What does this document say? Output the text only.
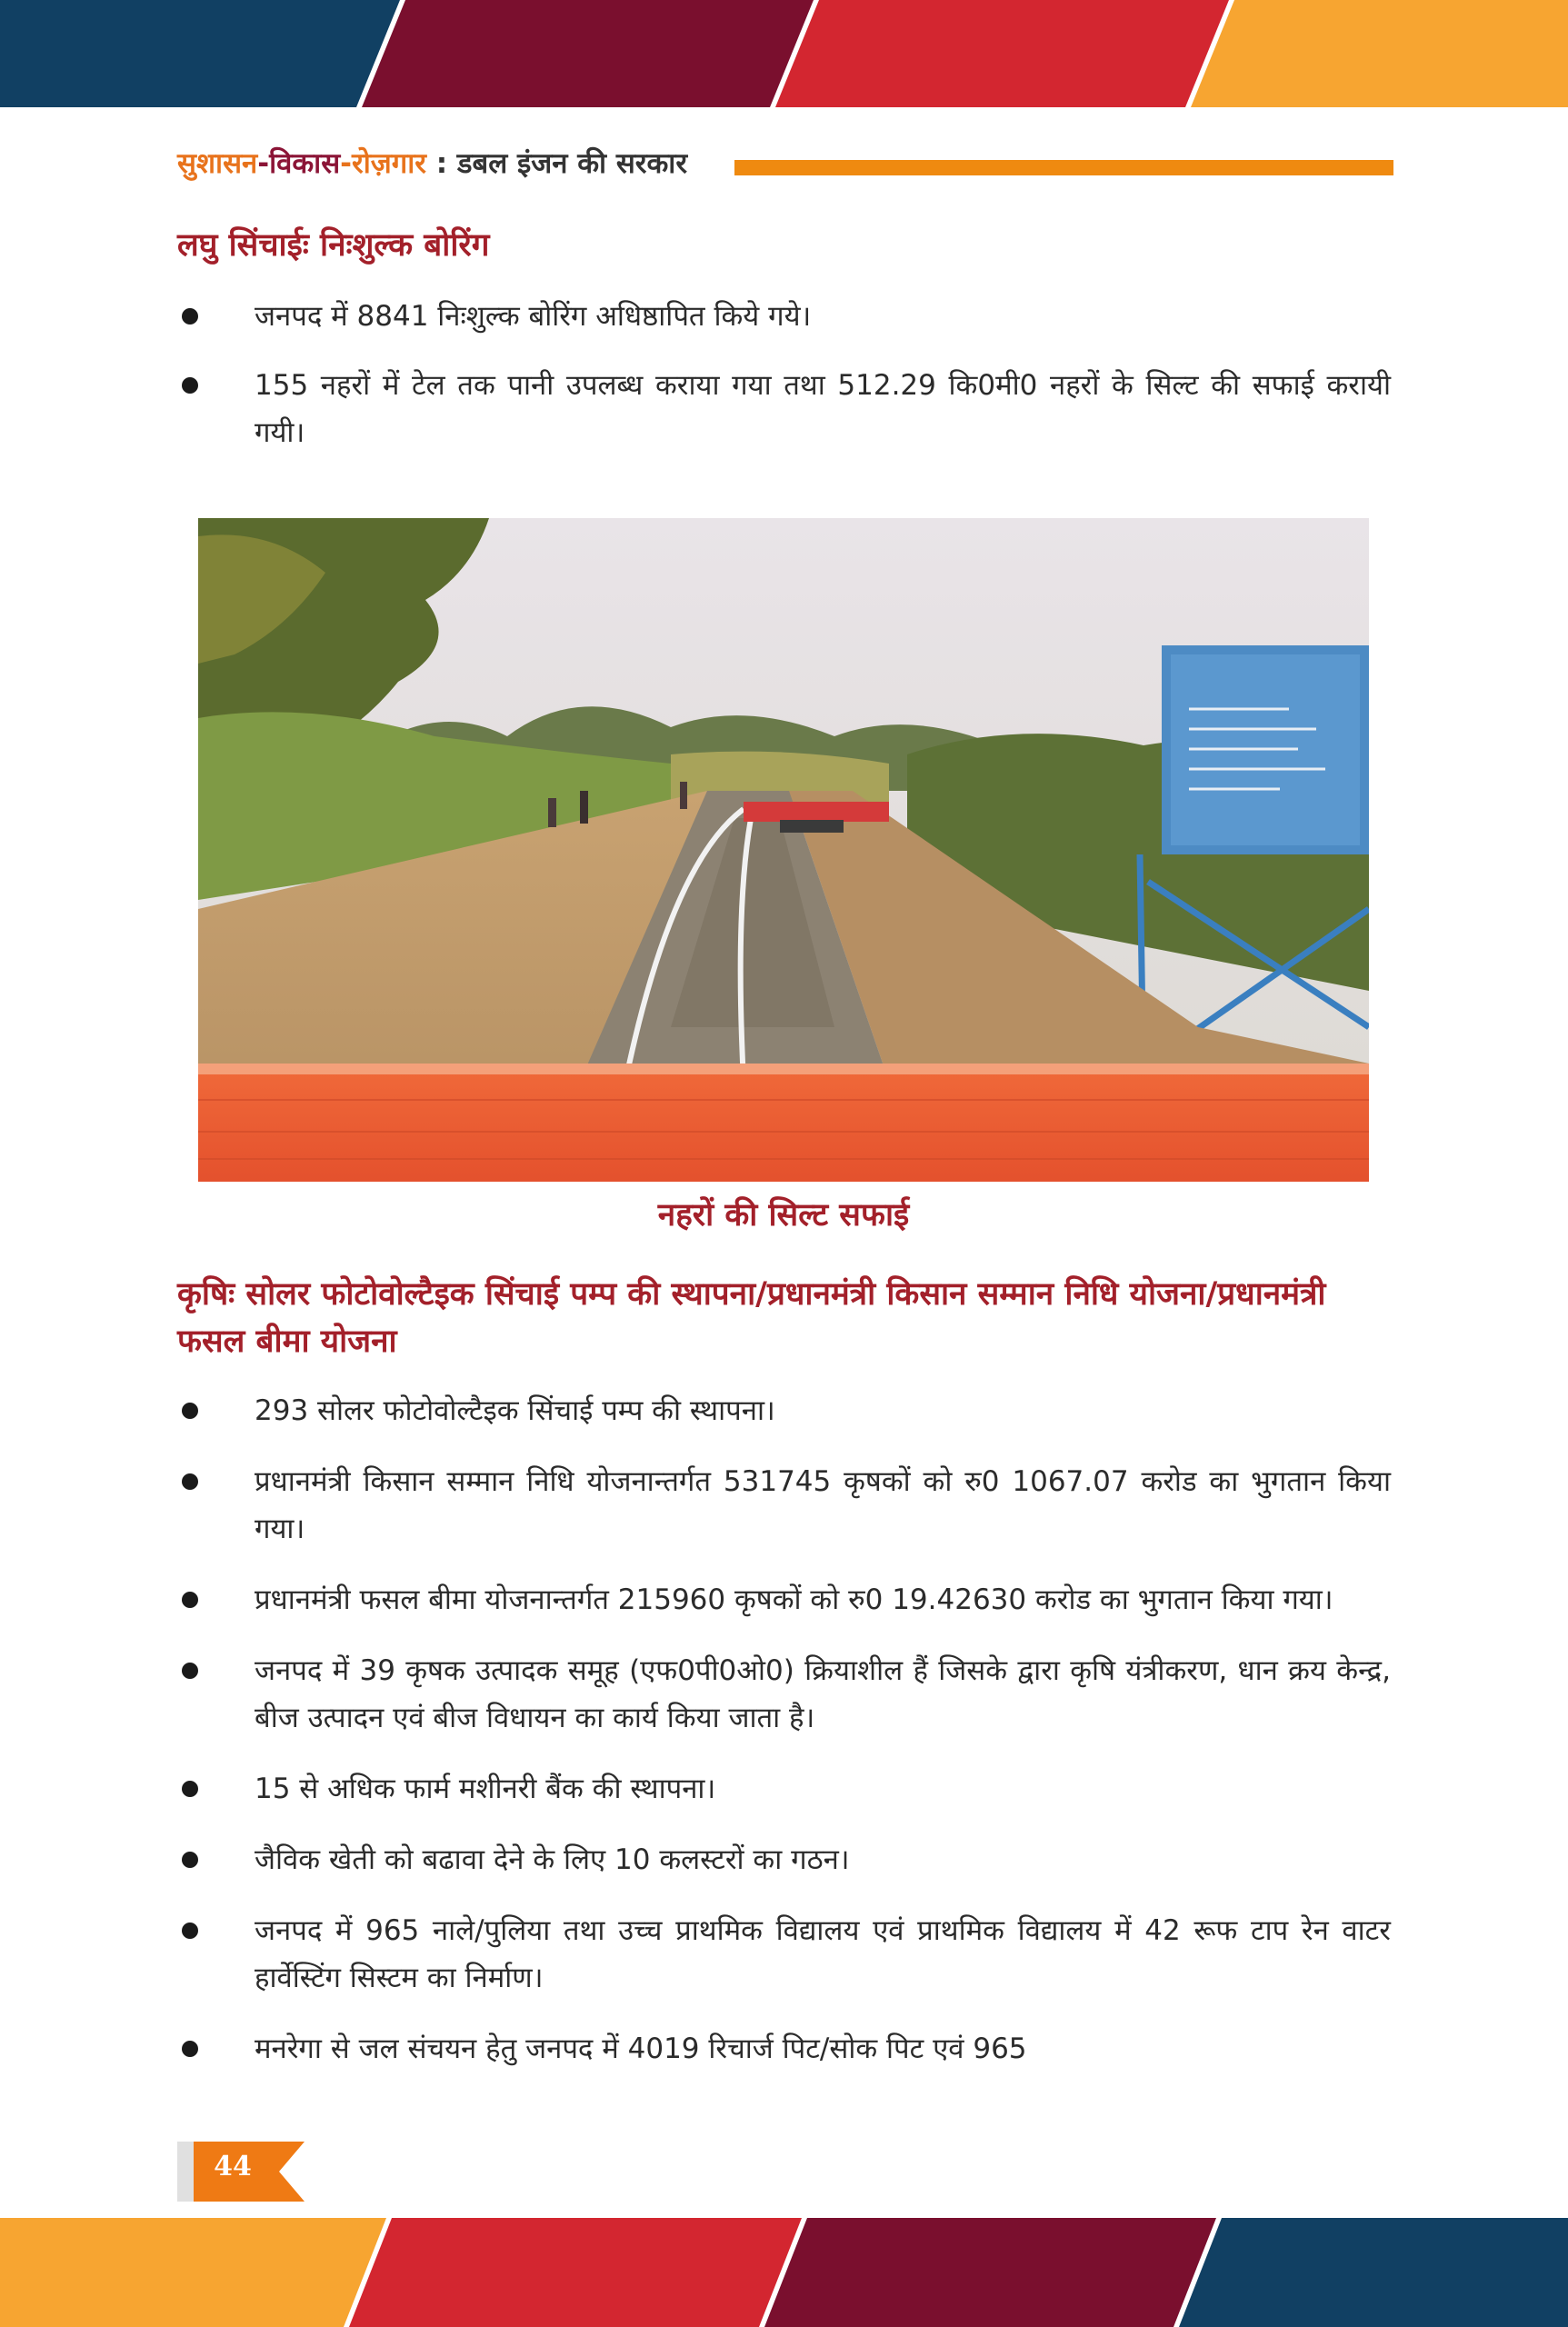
सुशासन-विकास-रोज़गार : डबल इंजन की सरकार
लघु सिंचाईः निःशुल्क बोरिंग
जनपद में 8841 निःशुल्क बोरिंग अधिष्ठापित किये गये।
155 नहरों में टेल तक पानी उपलब्ध कराया गया तथा 512.29 कि0मी0 नहरों के सिल्ट की सफाई करायी गयी।

नहरों की सिल्ट सफाई

कृषिः सोलर फोटोवोल्टैइक सिंचाई पम्प की स्थापना/प्रधानमंत्री किसान सम्मान निधि योजना/प्रधानमंत्री फसल बीमा योजना
293 सोलर फोटोवोल्टैइक सिंचाई पम्प की स्थापना।
प्रधानमंत्री किसान सम्मान निधि योजनान्तर्गत 531745 कृषकों को रु0 1067.07 करोड का भुगतान किया गया।
प्रधानमंत्री फसल बीमा योजनान्तर्गत 215960 कृषकों को रु0 19.42630 करोड का भुगतान किया गया।
जनपद में 39 कृषक उत्पादक समूह (एफ0पी0ओ0) क्रियाशील हैं जिसके द्वारा कृषि यंत्रीकरण, धान क्रय केन्द्र, बीज उत्पादन एवं बीज विधायन का कार्य किया जाता है।
15 से अधिक फार्म मशीनरी बैंक की स्थापना।
जैविक खेती को बढावा देने के लिए 10 कलस्टरों का गठन।
जनपद में 965 नाले/पुलिया तथा उच्च प्राथमिक विद्यालय एवं प्राथमिक विद्यालय में 42 रूफ टाप रेन वाटर हार्वेस्टिंग सिस्टम का निर्माण।
मनरेगा से जल संचयन हेतु जनपद में 4019 रिचार्ज पिट/सोक पिट एवं 965
44
